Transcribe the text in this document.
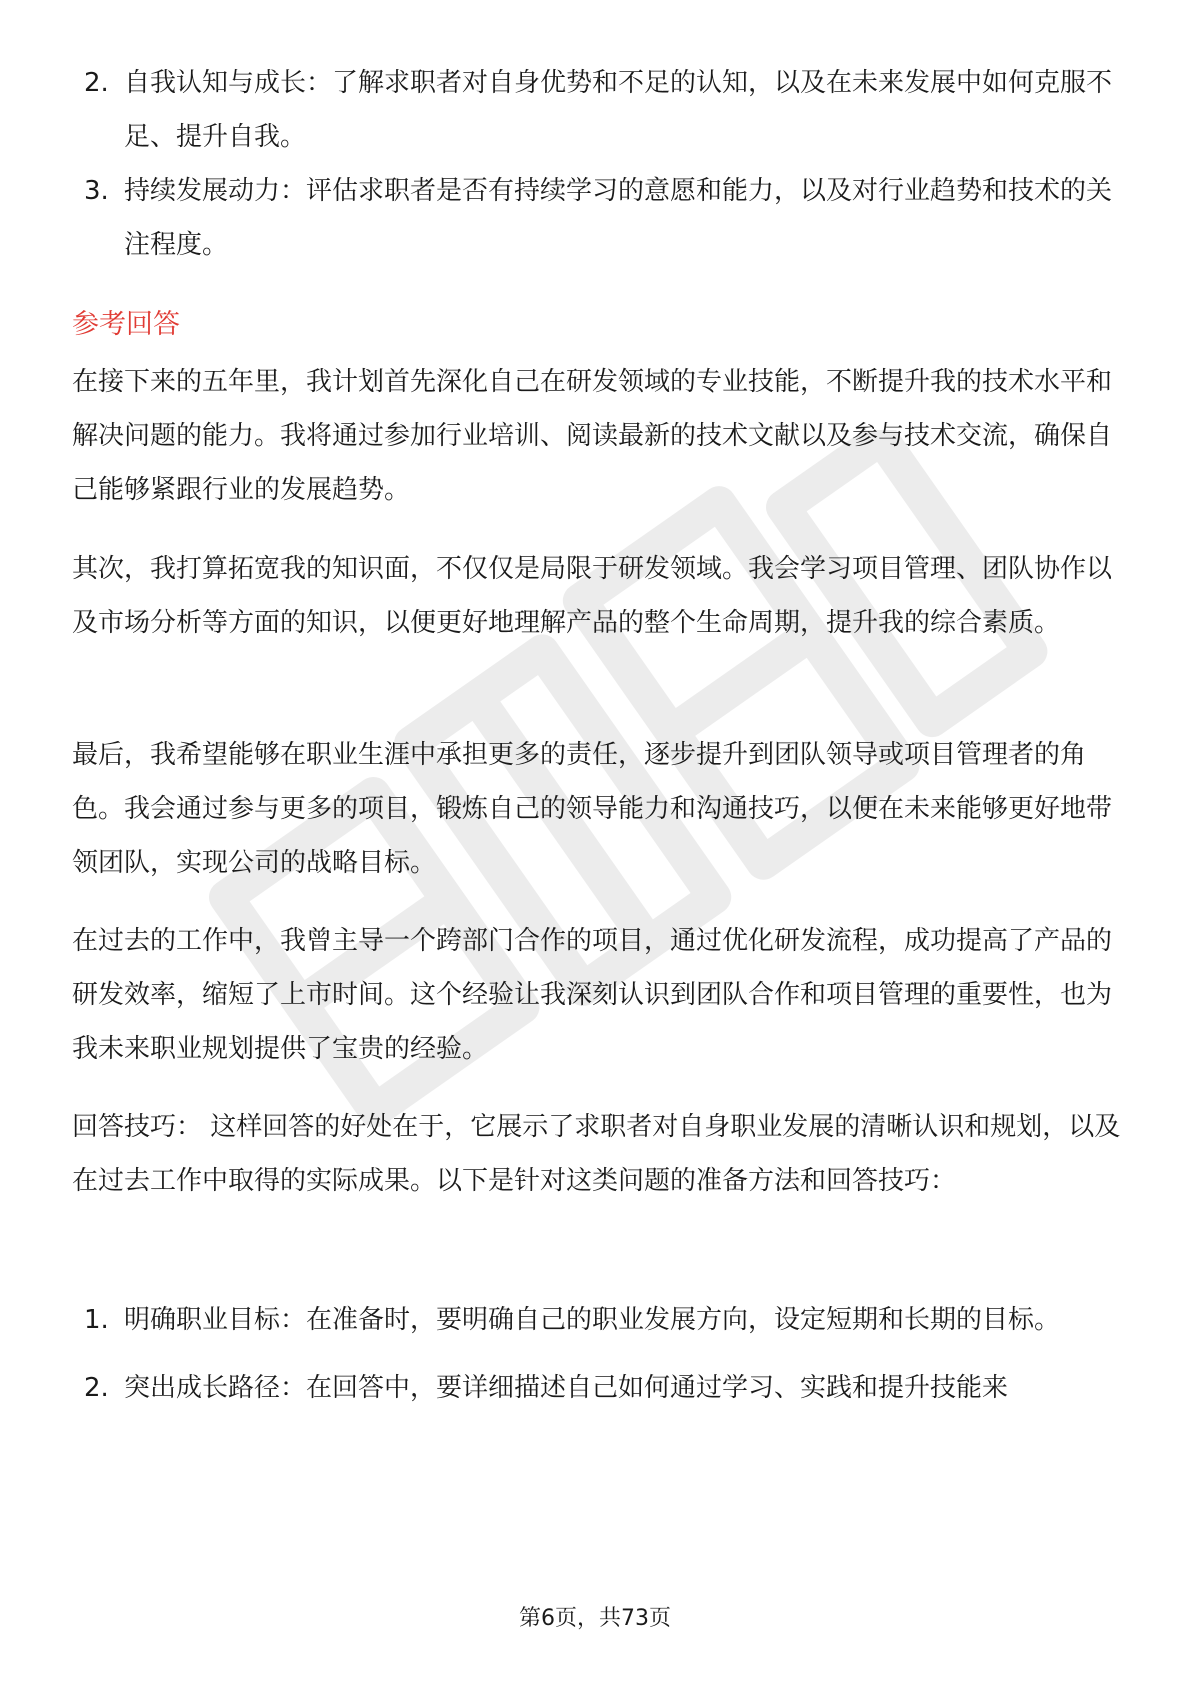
2. 自我认知与成长：了解求职者对自身优势和不足的认知，以及在未来发展中如何克服不足、提升自我。
3. 持续发展动力：评估求职者是否有持续学习的意愿和能力，以及对行业趋势和技术的关注程度。
参考回答

在接下来的五年里，我计划首先深化自己在研发领域的专业技能，不断提升我的技术水平和解决问题的能力。我将通过参加行业培训、阅读最新的技术文献以及参与技术交流，确保自己能够紧跟行业的发展趋势。

其次，我打算拓宽我的知识面，不仅仅是局限于研发领域。我会学习项目管理、团队协作以及市场分析等方面的知识，以便更好地理解产品的整个生命周期，提升我的综合素质。

最后，我希望能够在职业生涯中承担更多的责任，逐步提升到团队领导或项目管理者的角色。我会通过参与更多的项目，锻炼自己的领导能力和沟通技巧，以便在未来能够更好地带领团队，实现公司的战略目标。

在过去的工作中，我曾主导一个跨部门合作的项目，通过优化研发流程，成功提高了产品的研发效率，缩短了上市时间。这个经验让我深刻认识到团队合作和项目管理的重要性，也为我未来职业规划提供了宝贵的经验。

回答技巧： 这样回答的好处在于，它展示了求职者对自身职业发展的清晰认识和规划，以及在过去工作中取得的实际成果。以下是针对这类问题的准备方法和回答技巧：

1. 明确职业目标：在准备时，要明确自己的职业发展方向，设定短期和长期的目标。
2. 突出成长路径：在回答中，要详细描述自己如何通过学习、实践和提升技能来
第6页，共73页
